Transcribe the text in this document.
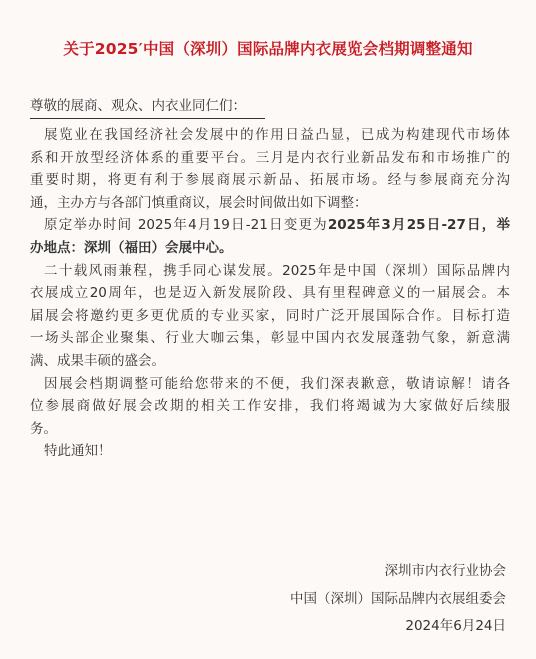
关于2025′中国（深圳）国际品牌内衣展览会档期调整通知
尊敬的展商、观众、内衣业同仁们：
展览业在我国经济社会发展中的作用日益凸显，已成为构建现代市场体
系和开放型经济体系的重要平台。三月是内衣行业新品发布和市场推广的
重要时期，将更有利于参展商展示新品、拓展市场。经与参展商充分沟
通，主办方与各部门慎重商议，展会时间做出如下调整：
原定举办时间 2025年4月19日-21日变更为2025年3月25日-27日，举
办地点：深圳（福田）会展中心。
二十载风雨兼程，携手同心谋发展。2025年是中国（深圳）国际品牌内
衣展成立20周年，也是迈入新发展阶段、具有里程碑意义的一届展会。本
届展会将邀约更多更优质的专业买家，同时广泛开展国际合作。目标打造
一场头部企业聚集、行业大咖云集，彰显中国内衣发展蓬勃气象，新意满
满、成果丰硕的盛会。
因展会档期调整可能给您带来的不便，我们深表歉意，敬请谅解！请各
位参展商做好展会改期的相关工作安排，我们将竭诚为大家做好后续服
务。
特此通知！
深圳市内衣行业协会
中国（深圳）国际品牌内衣展组委会
2024年6月24日
